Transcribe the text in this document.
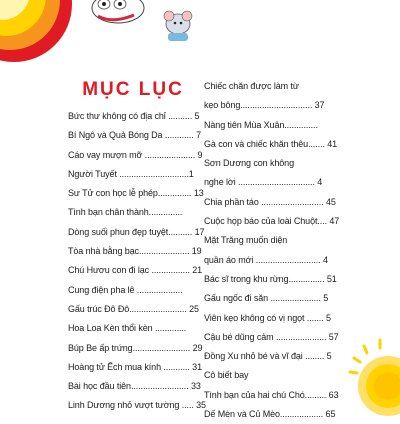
MỤC LỤC
Bức thư không có địa chỉ .......... 5
Bí Ngô và Quả Bóng Da ............ 7
Cáo vay mượn mỡ ..................... 9
Người Tuyết .............................1
Sư Tử con học lễ phép.............. 13
Tình bạn chân thành..............
Dòng suối phun đẹp tuyệt.......... 17
Tòa nhà bằng bạc..................... 19
Chú Hươu con đi lạc ................ 21
Cung điện pha lê ...................
Gấu trúc Đô Đô........................ 25
Hoa Loa Kèn thổi kèn .............
Búp Be ấp trứng........................ 29
Hoàng tử Ếch mua kính ........... 31
Bài học đầu tiên........................ 33
Linh Dương nhỏ vượt tường ..... 35
Chiếc chăn được làm từ
kẹo bông.............................. 37
Nàng tiên Mùa Xuân..............
Gà con và chiếc khăn thêu....... 41
Sơn Dương con không
nghe lời ................................ 4
Chia phần táo .......................... 45
Cuộc họp báo của loài Chuột.... 47
Mặt Trăng muốn diện
quần áo mới ........................... 4
Bác sĩ trong khu rừng............... 51
Gấu ngốc đi săn ..................... 5
Viên kẹo không có vị ngọt ....... 5
Cậu bé dũng cảm ..................... 57
Đồng Xu nhỏ bé và vĩ đại ........ 5
Cô biết bay
Tình bạn của hai chú Chó......... 63
Dế Mèn và Củ Mèo.................. 65
